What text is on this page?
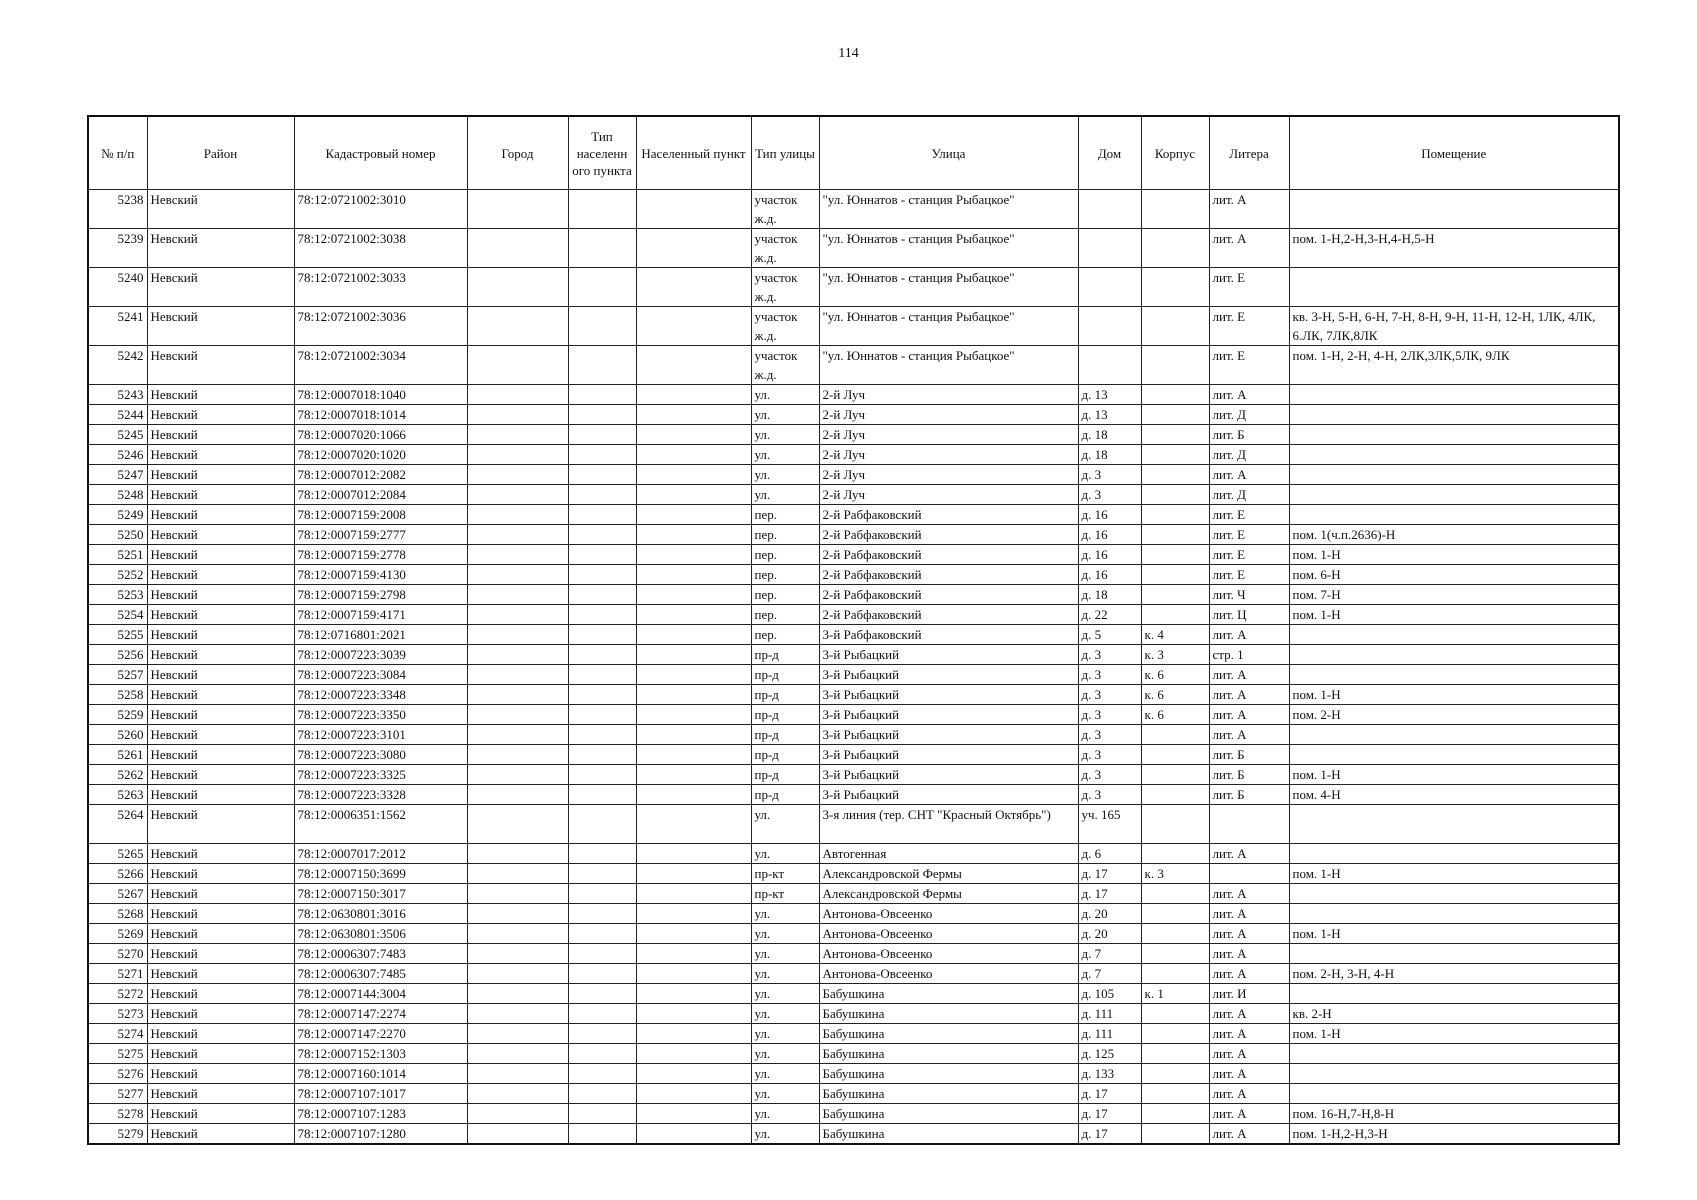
114
№ п/п	Район	Кадастровый номер	Город	Тип населенн ого пункта	Населенный пункт	Тип улицы	Улица	Дом	Корпус	Литера	Помещение
5238	Невский	78:12:0721002:3010				участок ж.д.	"ул. Юннатов - станция Рыбацкое"			лит. А	
5239	Невский	78:12:0721002:3038				участок ж.д.	"ул. Юннатов - станция Рыбацкое"			лит. А	пом. 1-Н,2-Н,3-Н,4-Н,5-Н
5240	Невский	78:12:0721002:3033				участок ж.д.	"ул. Юннатов - станция Рыбацкое"			лит. Е	
5241	Невский	78:12:0721002:3036				участок ж.д.	"ул. Юннатов - станция Рыбацкое"			лит. Е	кв. 3-Н, 5-Н, 6-Н, 7-Н, 8-Н, 9-Н, 11-Н, 12-Н, 1ЛК, 4ЛК, 6.ЛК, 7ЛК,8ЛК
5242	Невский	78:12:0721002:3034				участок ж.д.	"ул. Юннатов - станция Рыбацкое"			лит. Е	пом. 1-Н, 2-Н, 4-Н, 2ЛК,3ЛК,5ЛК, 9ЛК
5243	Невский	78:12:0007018:1040				ул.	2-й Луч	д. 13		лит. А	
5244	Невский	78:12:0007018:1014				ул.	2-й Луч	д. 13		лит. Д	
5245	Невский	78:12:0007020:1066				ул.	2-й Луч	д. 18		лит. Б	
5246	Невский	78:12:0007020:1020				ул.	2-й Луч	д. 18		лит. Д	
5247	Невский	78:12:0007012:2082				ул.	2-й Луч	д. 3		лит. А	
5248	Невский	78:12:0007012:2084				ул.	2-й Луч	д. 3		лит. Д	
5249	Невский	78:12:0007159:2008				пер.	2-й Рабфаковский	д. 16		лит. Е	
5250	Невский	78:12:0007159:2777				пер.	2-й Рабфаковский	д. 16		лит. Е	пом. 1(ч.п.2636)-Н
5251	Невский	78:12:0007159:2778				пер.	2-й Рабфаковский	д. 16		лит. Е	пом. 1-Н
5252	Невский	78:12:0007159:4130				пер.	2-й Рабфаковский	д. 16		лит. Е	пом. 6-Н
5253	Невский	78:12:0007159:2798				пер.	2-й Рабфаковский	д. 18		лит. Ч	пом. 7-Н
5254	Невский	78:12:0007159:4171				пер.	2-й Рабфаковский	д. 22		лит. Ц	пом. 1-Н
5255	Невский	78:12:0716801:2021				пер.	3-й Рабфаковский	д. 5	к. 4	лит. А	
5256	Невский	78:12:0007223:3039				пр-д	3-й Рыбацкий	д. 3	к. 3	стр. 1	
5257	Невский	78:12:0007223:3084				пр-д	3-й Рыбацкий	д. 3	к. 6	лит. А	
5258	Невский	78:12:0007223:3348				пр-д	3-й Рыбацкий	д. 3	к. 6	лит. А	пом. 1-Н
5259	Невский	78:12:0007223:3350				пр-д	3-й Рыбацкий	д. 3	к. 6	лит. А	пом. 2-Н
5260	Невский	78:12:0007223:3101				пр-д	3-й Рыбацкий	д. 3		лит. А	
5261	Невский	78:12:0007223:3080				пр-д	3-й Рыбацкий	д. 3		лит. Б	
5262	Невский	78:12:0007223:3325				пр-д	3-й Рыбацкий	д. 3		лит. Б	пом. 1-Н
5263	Невский	78:12:0007223:3328				пр-д	3-й Рыбацкий	д. 3		лит. Б	пом. 4-Н
5264	Невский	78:12:0006351:1562				ул.	3-я линия (тер. СНТ "Красный Октябрь")	уч. 165			
5265	Невский	78:12:0007017:2012				ул.	Автогенная	д. 6		лит. А	
5266	Невский	78:12:0007150:3699				пр-кт	Александровской Фермы	д. 17	к. 3		пом. 1-Н
5267	Невский	78:12:0007150:3017				пр-кт	Александровской Фермы	д. 17		лит. А	
5268	Невский	78:12:0630801:3016				ул.	Антонова-Овсеенко	д. 20		лит. А	
5269	Невский	78:12:0630801:3506				ул.	Антонова-Овсеенко	д. 20		лит. А	пом. 1-Н
5270	Невский	78:12:0006307:7483				ул.	Антонова-Овсеенко	д. 7		лит. А	
5271	Невский	78:12:0006307:7485				ул.	Антонова-Овсеенко	д. 7		лит. А	пом. 2-Н, 3-Н, 4-Н
5272	Невский	78:12:0007144:3004				ул.	Бабушкина	д. 105	к. 1	лит. И	
5273	Невский	78:12:0007147:2274				ул.	Бабушкина	д. 111		лит. А	кв. 2-Н
5274	Невский	78:12:0007147:2270				ул.	Бабушкина	д. 111		лит. А	пом. 1-Н
5275	Невский	78:12:0007152:1303				ул.	Бабушкина	д. 125		лит. А	
5276	Невский	78:12:0007160:1014				ул.	Бабушкина	д. 133		лит. А	
5277	Невский	78:12:0007107:1017				ул.	Бабушкина	д. 17		лит. А	
5278	Невский	78:12:0007107:1283				ул.	Бабушкина	д. 17		лит. А	пом. 16-Н,7-Н,8-Н
5279	Невский	78:12:0007107:1280				ул.	Бабушкина	д. 17		лит. А	пом. 1-Н,2-Н,3-Н
